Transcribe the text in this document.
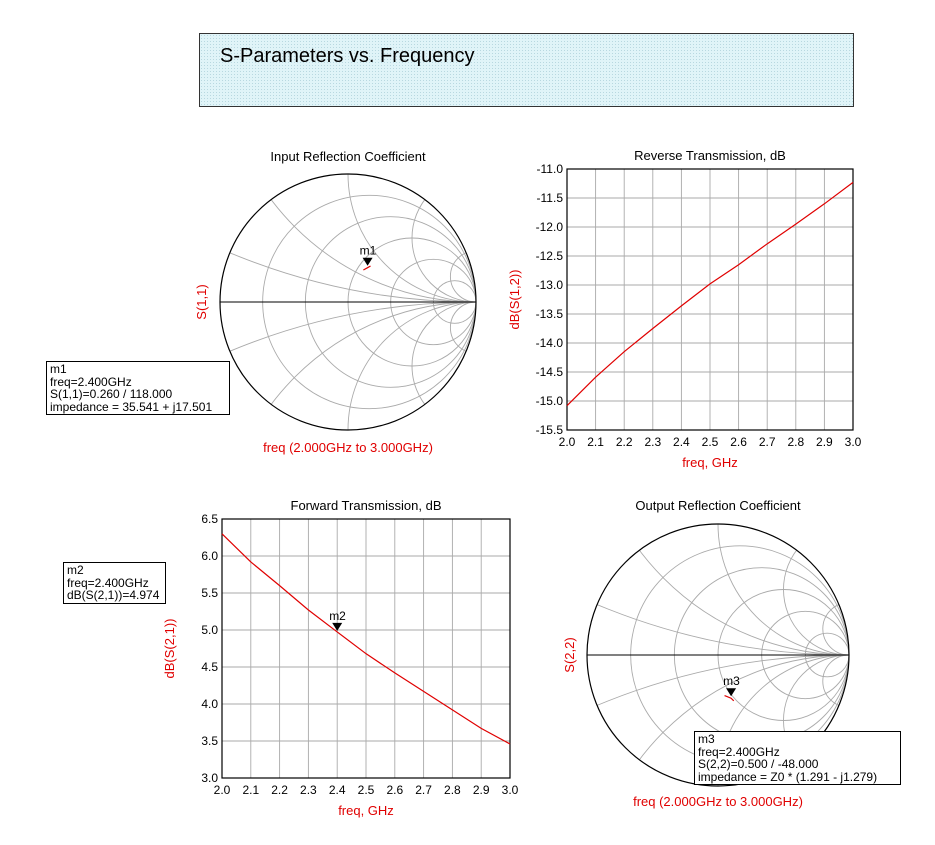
S-Parameters vs. Frequency
m1
Input Reflection Coefficient
S(1,1)
freq (2.000GHz to 3.000GHz)
m3
Output Reflection Coefficient
S(2,2)
freq (2.000GHz to 3.000GHz)
2.0 2.1 2.2 2.3 2.4 2.5 2.6 2.7 2.8 2.9 3.0
-11.0
-11.5
-12.0
-12.5
-13.0
-13.5
-14.0
-14.5
-15.0
-15.5
Reverse Transmission, dB
freq, GHz
dB(S(1,2))
2.0 2.1 2.2 2.3 2.4 2.5 2.6 2.7 2.8 2.9 3.0
6.5
6.0
5.5
5.0
4.5
4.0
3.5
3.0
Forward Transmission, dB
freq, GHz
dB(S(2,1))
m2
m1
freq=2.400GHz
S(1,1)=0.260 / 118.000
impedance = 35.541 + j17.501
m2
freq=2.400GHz
dB(S(2,1))=4.974
m3
freq=2.400GHz
S(2,2)=0.500 / -48.000
impedance = Z0 * (1.291 - j1.279)
